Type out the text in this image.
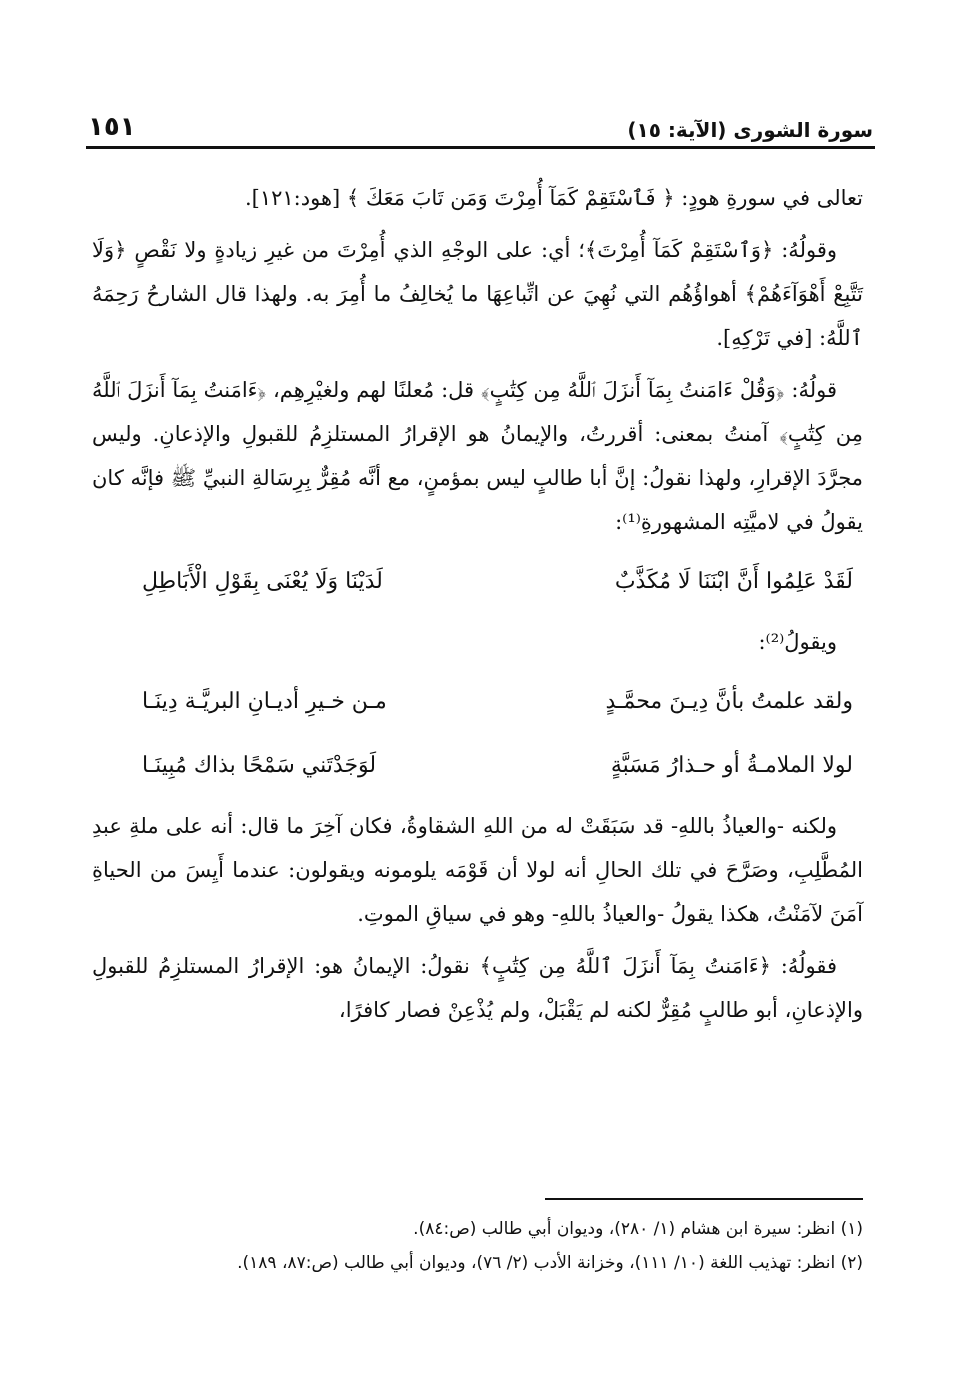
سورة الشورى (الآية: ١٥)
١٥١

تعالى في سورةِ هودٍ: ﴿ فَٱسْتَقِمْ كَمَآ أُمِرْتَ وَمَن تَابَ مَعَكَ ﴾ [هود:١٢١].

وقولُهُ: ﴿وَٱسْتَقِمْ كَمَآ أُمِرْتَ﴾؛ أي: على الوجْهِ الذي أُمِرْتَ من غيرِ زيادةٍ ولا نَقْصٍ ﴿وَلَا تَتَّبِعْ أَهْوَآءَهُمْ﴾ أهواؤُهُم التي نُهِيَ عن اتِّباعِهَا ما يُخالِفُ ما أُمِرَ به. ولهذا قال الشارحُ رَحِمَهُ ٱللَّهُ: [في تَرْكِهِ].

قولُهُ: ﴿وَقُلْ ءَامَنتُ بِمَآ أَنزَلَ ٱللَّهُ مِن كِتَٰبٍ﴾ قل: مُعلنًا لهم ولغيْرِهِم، ﴿ءَامَنتُ بِمَآ أَنزَلَ ٱللَّهُ مِن كِتَٰبٍ﴾ آمنتُ بمعنى: أقررتُ، والإيمانُ هو الإقرارُ المستلزِمُ للقبولِ والإذعانِ. وليس مجرَّدَ الإقرارِ، ولهذا نقولُ: إنَّ أبا طالبٍ ليس بمؤمنٍ، مع أنَّه مُقِرٌّ بِرِسَالةِ النبيِّ ﷺ فإنَّه كان يقولُ في لاميَّتِه المشهورةِ⁽¹⁾:

لَقَدْ عَلِمُوا أَنَّ ابْنَنَا لَا مُكَذَّبٌ
لَدَيْنَا وَلَا يُعْنَى بِقَوْلِ الْأَبَاطِلِ

ويقولُ⁽²⁾:

ولقد علمتُ بأنَّ دِيـنَ محمَّـدٍ
مـن خـيرِ أديـانِ البريَّـة دِينَـا
لولا الملامـةُ أو حـذارُ مَسَبَّةٍ
لَوَجَدْتَني سَمْحًا بذاك مُبِينَـا

ولكنه -والعياذُ باللهِ- قد سَبَقَتْ له من اللهِ الشقاوةُ، فكان آخِرَ ما قال: أنه على ملةِ عبدِ المُطَّلِبِ، وصَرَّحَ في تلك الحالِ أنه لولا أن قَوْمَه يلومونه ويقولون: عندما أَيِسَ من الحياةِ آمَنَ لآمَنْتُ، هكذا يقولُ -والعياذُ باللهِ- وهو في سياقِ الموتِ.

فقولُهُ: ﴿ءَامَنتُ بِمَآ أَنزَلَ ٱللَّهُ مِن كِتَٰبٍ﴾ نقولُ: الإيمانُ هو: الإقرارُ المستلزِمُ للقبولِ والإذعانِ، أبو طالبٍ مُقِرٌّ لكنه لم يَقْبَلْ، ولم يُذْعِنْ فصار كافرًا،

(١) انظر: سيرة ابن هشام (١/ ٢٨٠)، وديوان أبي طالب (ص:٨٤).

(٢) انظر: تهذيب اللغة (١٠/ ١١١)، وخزانة الأدب (٢/ ٧٦)، وديوان أبي طالب (ص:٨٧، ١٨٩).
